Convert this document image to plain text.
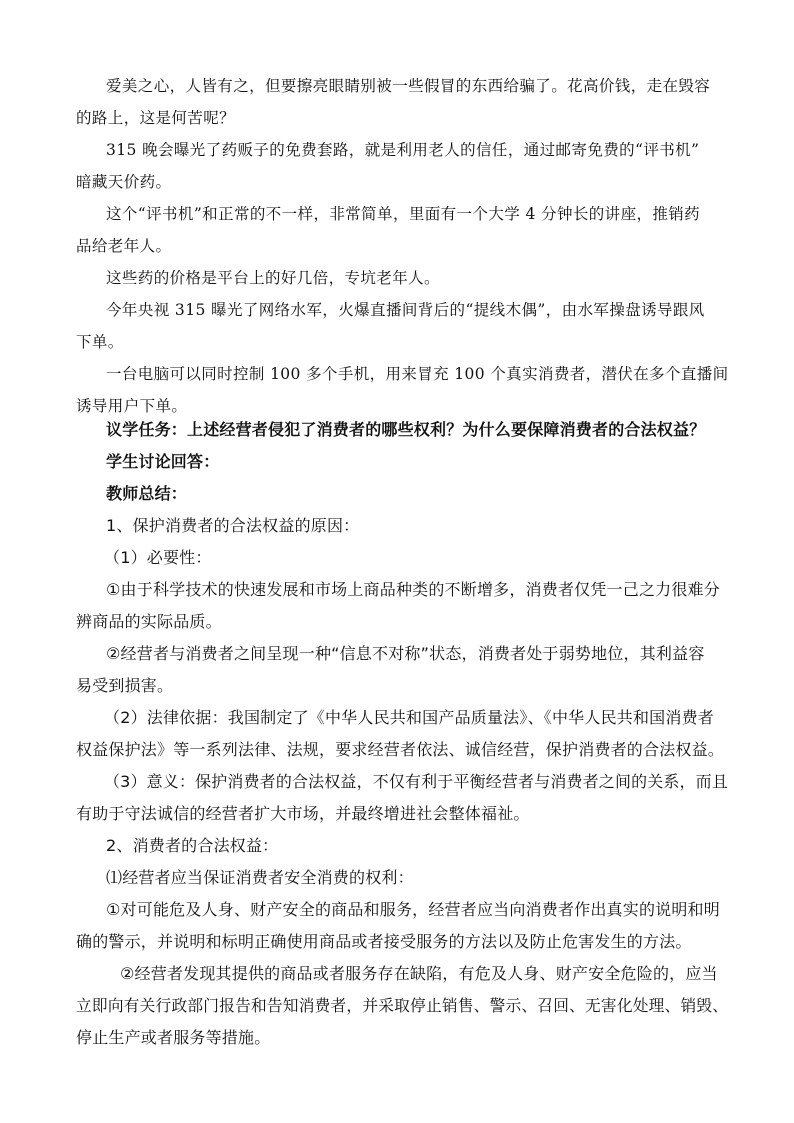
爱美之心，人皆有之，但要擦亮眼睛别被一些假冒的东西给骗了。花高价钱，走在毁容
的路上，这是何苦呢？
315 晚会曝光了药贩子的免费套路，就是利用老人的信任，通过邮寄免费的“评书机”
暗藏天价药。
这个“评书机”和正常的不一样，非常简单，里面有一个大学 4 分钟长的讲座，推销药
品给老年人。
这些药的价格是平台上的好几倍，专坑老年人。
今年央视 315 曝光了网络水军，火爆直播间背后的“提线木偶”，由水军操盘诱导跟风
下单。
一台电脑可以同时控制 100 多个手机，用来冒充 100 个真实消费者，潜伏在多个直播间
诱导用户下单。
议学任务：上述经营者侵犯了消费者的哪些权利？为什么要保障消费者的合法权益？
学生讨论回答：
教师总结：
1、保护消费者的合法权益的原因：
（1）必要性：
①由于科学技术的快速发展和市场上商品种类的不断增多，消费者仅凭一己之力很难分
辨商品的实际品质。
②经营者与消费者之间呈现一种“信息不对称”状态，消费者处于弱势地位，其利益容
易受到损害。
（2）法律依据：我国制定了《中华人民共和国产品质量法》、《中华人民共和国消费者
权益保护法》等一系列法律、法规，要求经营者依法、诚信经营，保护消费者的合法权益。
（3）意义：保护消费者的合法权益，不仅有利于平衡经营者与消费者之间的关系，而且
有助于守法诚信的经营者扩大市场，并最终增进社会整体福祉。
2、消费者的合法权益：
⑴经营者应当保证消费者安全消费的权利：
①对可能危及人身、财产安全的商品和服务，经营者应当向消费者作出真实的说明和明
确的警示，并说明和标明正确使用商品或者接受服务的方法以及防止危害发生的方法。
②经营者发现其提供的商品或者服务存在缺陷，有危及人身、财产安全危险的，应当
立即向有关行政部门报告和告知消费者，并采取停止销售、警示、召回、无害化处理、销毁、
停止生产或者服务等措施。
